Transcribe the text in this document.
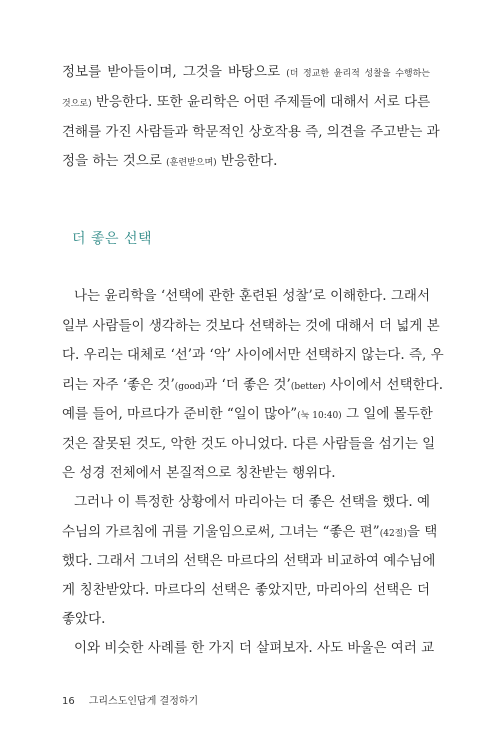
정보를 받아들이며, 그것을 바탕으로 (더 정교한 윤리적 성찰을 수행하는
것으로) 반응한다. 또한 윤리학은 어떤 주제들에 대해서 서로 다른
견해를 가진 사람들과 학문적인 상호작용 즉, 의견을 주고받는 과
정을 하는 것으로 (훈련받으며) 반응한다.
더 좋은 선택
나는 윤리학을 ‘선택에 관한 훈련된 성찰’로 이해한다. 그래서
일부 사람들이 생각하는 것보다 선택하는 것에 대해서 더 넓게 본
다. 우리는 대체로 ‘선’과 ‘악’ 사이에서만 선택하지 않는다. 즉, 우
리는 자주 ‘좋은 것’(good)과 ‘더 좋은 것’(better) 사이에서 선택한다.
예를 들어, 마르다가 준비한 “일이 많아”(눅 10:40) 그 일에 몰두한
것은 잘못된 것도, 악한 것도 아니었다. 다른 사람들을 섬기는 일
은 성경 전체에서 본질적으로 칭찬받는 행위다.
그러나 이 특정한 상황에서 마리아는 더 좋은 선택을 했다. 예
수님의 가르침에 귀를 기울임으로써, 그녀는 “좋은 편”(42절)을 택
했다. 그래서 그녀의 선택은 마르다의 선택과 비교하여 예수님에
게 칭찬받았다. 마르다의 선택은 좋았지만, 마리아의 선택은 더
좋았다.
이와 비슷한 사례를 한 가지 더 살펴보자. 사도 바울은 여러 교
16 그리스도인답게 결정하기
